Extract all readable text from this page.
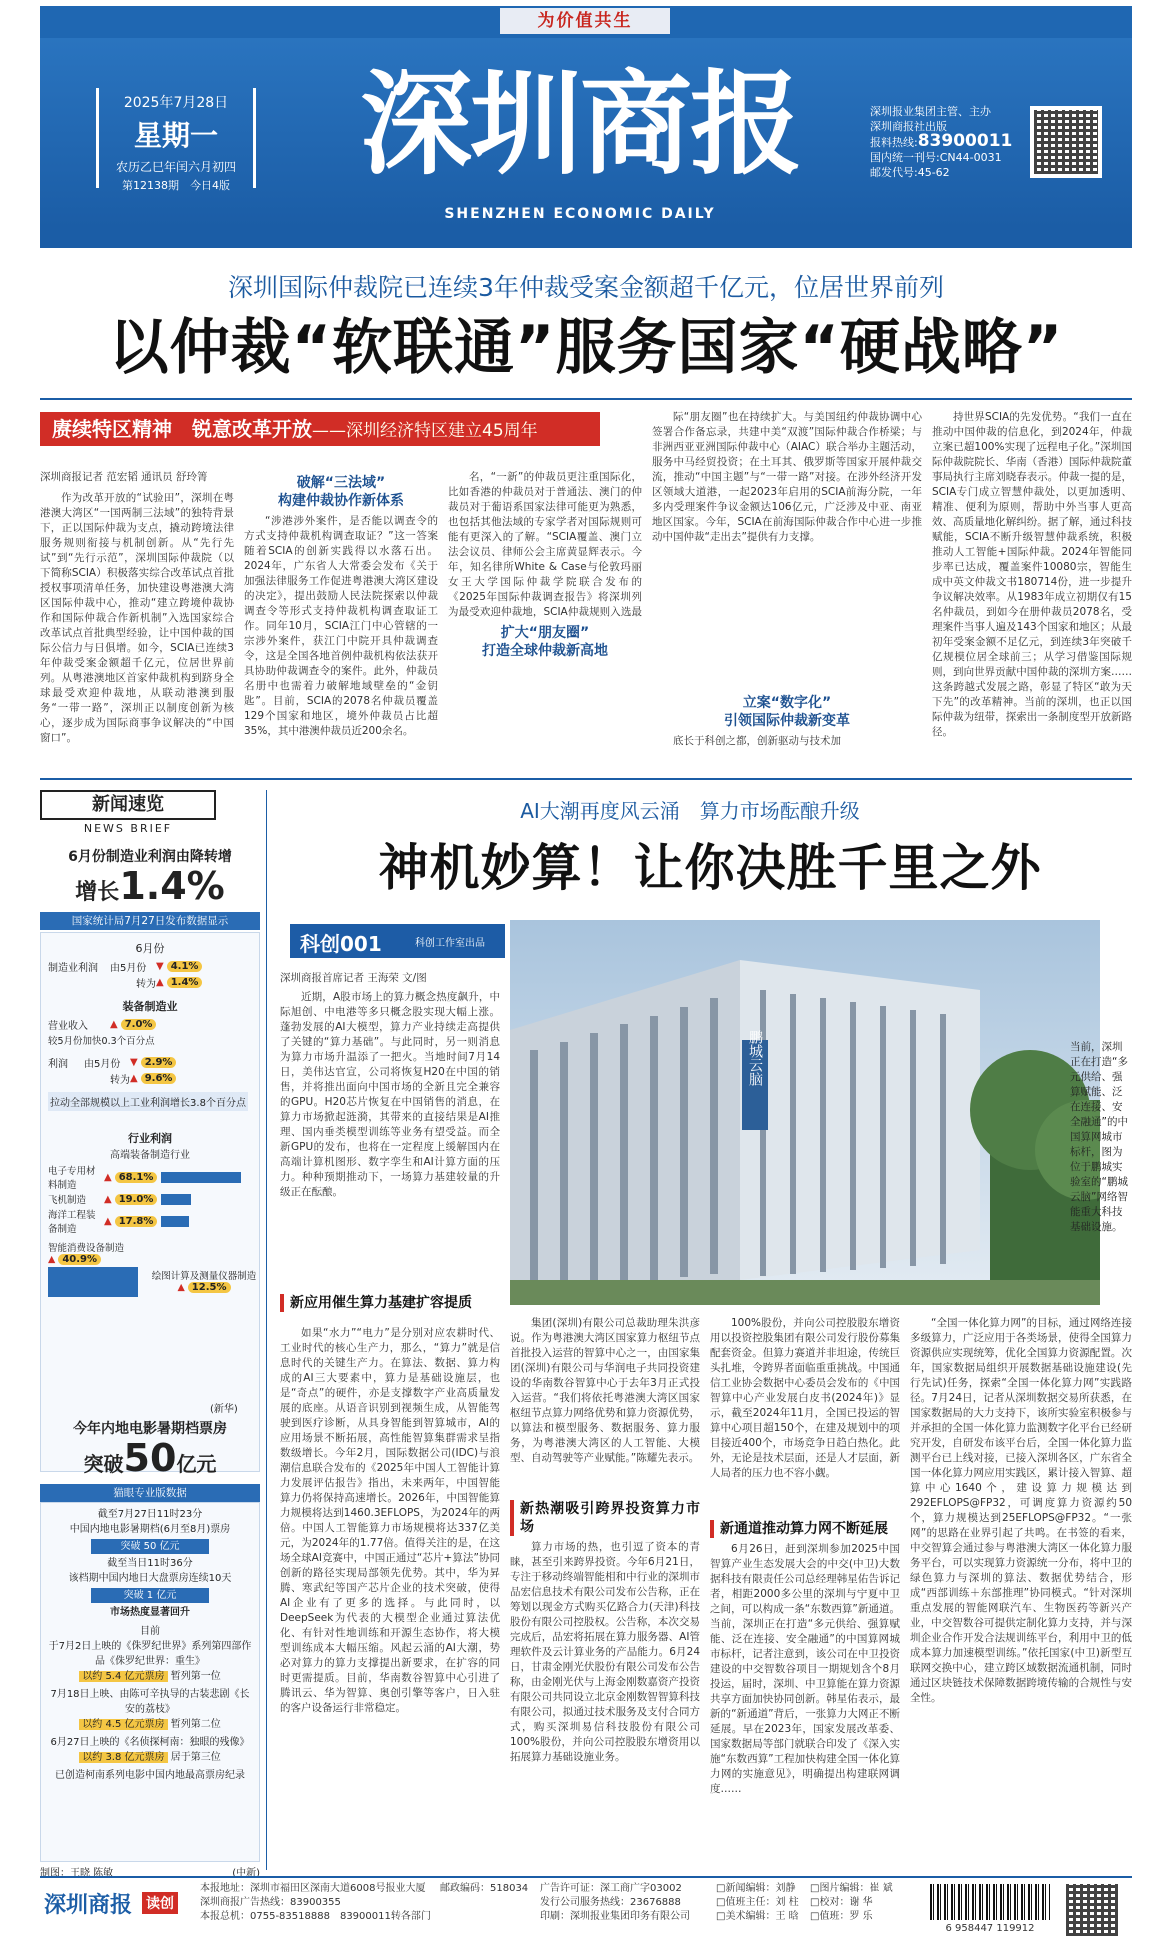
为价值共生
2025年7月28日
星期一
农历乙巳年闰六月初四
第12138期　今日4版 深圳商报
SHENZHEN ECONOMIC DAILY
深圳报业集团主管、主办
深圳商报社出版
报料热线:83900011
国内统一刊号:CN44-0031
邮发代号:45-62
深圳国际仲裁院已连续3年仲裁受案金额超千亿元，位居世界前列
以仲裁“软联通”服务国家“硬战略”
赓续特区精神　锐意改革开放——深圳经济特区建立45周年
深圳商报记者 范宏韬 通讯员 舒玲箐

作为改革开放的“试验田”，深圳在粤港澳大湾区“一国两制三法域”的独特背景下，正以国际仲裁为支点，撬动跨境法律服务规则衔接与机制创新。从“先行先试”到“先行示范”，深圳国际仲裁院（以下简称SCIA）积极落实综合改革试点首批授权事项清单任务，加快建设粤港澳大湾区国际仲裁中心，推动“建立跨境仲裁协作和国际仲裁合作新机制”入选国家综合改革试点首批典型经验，让中国仲裁的国际公信力与日俱增。如今，SCIA已连续3年仲裁受案金额超千亿元，位居世界前列。从粤港澳地区首家仲裁机构到跻身全球最受欢迎仲裁地，从联动港澳到服务“一带一路”，深圳正以制度创新为核心，逐步成为国际商事争议解决的“中国窗口”。

破解“三法域”
构建仲裁协作新体系

“涉港涉外案件，是否能以调查令的方式支持仲裁机构调查取证？”这一答案随着SCIA的创新实践得以水落石出。2024年，广东省人大常委会发布《关于加强法律服务工作促进粤港澳大湾区建设的决定》，提出鼓励人民法院探索以仲裁调查令等形式支持仲裁机构调查取证工作。同年10月，SCIA江门中心管辖的一宗涉外案件，获江门中院开具仲裁调查令，这是全国各地首例仲裁机构依法获开具协助仲裁调查令的案件。此外，仲裁员名册中也需着力破解地域壁垒的“金钥匙”。目前，SCIA的2078名仲裁员覆盖129个国家和地区，境外仲裁员占比超35%，其中港澳仲裁员近200余名。

名，“一新”的仲裁员更注重国际化，比如香港的仲裁员对于普通法、澳门的仲裁员对于葡语系国家法律可能更为熟悉，也包括其他法域的专家学者对国际规则可能有更深入的了解。“SCIA覆盖、澳门立法会议员、律师公会主席黄显辉表示。今年，知名律所White & Case与伦敦玛丽女王大学国际仲裁学院联合发布的《2025年国际仲裁调查报告》将深圳列为最受欢迎仲裁地，SCIA仲裁规则入选最

扩大“朋友圈”
打造全球仲裁新高地

际“朋友圈”也在持续扩大。与美国纽约仲裁协调中心签署合作备忘录，共建中美“双渡”国际仲裁合作桥梁；与非洲西亚亚洲国际仲裁中心（AIAC）联合举办主题活动，服务中马经贸投资；在土耳其、俄罗斯等国家开展仲裁交流，推动“中国主题”与“一带一路”对接。在涉外经济开发区领域大道港，一起2023年启用的SCIA前海分院，一年多内受理案件争议金额达106亿元，广泛涉及中亚、南亚地区国家。今年，SCIA在前海国际仲裁合作中心进一步推动中国仲裁“走出去”提供有力支撑。

立案“数字化”
引领国际仲裁新变革

底长于科创之都，创新驱动与技术加

持世界SCIA的先发优势。“我们一直在推动中国仲裁的信息化，到2024年，仲裁立案已超100%实现了远程电子化。”深圳国际仲裁院院长、华南（香港）国际仲裁院董事局执行主席刘晓春表示。仲裁一提的是，SCIA专门成立智慧仲裁处，以更加透明、精准、便利为原则，帮助中外当事人更高效、高质量地化解纠纷。据了解，通过科技赋能，SCIA不断升级智慧仲裁系统，积极推动人工智能+国际仲裁。2024年智能同步率已达成，覆盖案件10080宗，智能生成中英文仲裁文书180714份，进一步提升争议解决效率。从1983年成立初期仅有15名仲裁员，到如今在册仲裁员2078名，受理案件当事人遍及143个国家和地区；从最初年受案金额不足亿元，到连续3年突破千亿规模位居全球前三；从学习借鉴国际规则，到向世界贡献中国仲裁的深圳方案……这条跨越式发展之路，彰显了特区“敢为天下先”的改革精神。当前的深圳，也正以国际仲裁为纽带，探索出一条制度型开放新路径。

新闻速览
NEWS BRIEF
6月份制造业利润由降转增
增长1.4%
国家统计局7月27日发布数据显示
6月份
制造业利润	由5月份 ▼ 4.1%
转为 ▲ 1.4%
装备制造业
营业收入	▲ 7.0%
较5月份加快0.3个百分点
利润	由5月份 ▼ 2.9%
转为 ▲ 9.6%
拉动全部规模以上工业利润增长3.8个百分点
行业利润
高端装备制造行业
电子专用材料制造
▲ 68.1%
飞机制造	▲ 19.0%
海洋工程装备制造
▲ 17.8%
智能消费设备制造
▲ 40.9%
绘图计算及测量仪器制造
▲ 12.5%
(新华)
今年内地电影暑期档票房
突破50亿元
猫眼专业版数据
截至7月27日11时23分
中国内地电影暑期档(6月至8月)票房
突破 50 亿元
截至当日11时36分
该档期中国内地日大盘票房连续10天
突破 1 亿元
市场热度显著回升
目前
于7月2日上映的《侏罗纪世界》系列第四部作品《侏罗纪世界：重生》
以约 5.4 亿元票房 暂列第一位
7月18日上映、由陈可辛执导的古装悲剧《长安的荔枝》
以约 4.5 亿元票房 暂列第二位
6月27日上映的《名侦探柯南：独眼的残像》
以约 3.8 亿元票房 居于第三位
已创造柯南系列电影中国内地最高票房纪录
制图：王晓 陈敏	(中新)
AI大潮再度风云涌　算力市场酝酿升级
神机妙算！让你决胜千里之外
科创001	科创工作室出品
深圳商报首席记者 王海荣 文/图
鹏城云脑	当前，深圳正在打造“多元供给、强算赋能、泛在连接、安全融通”的中国算网城市标杆，图为位于鹏城实验室的“鹏城云脑”网络智能重大科技基础设施。

近期，A股市场上的算力概念热度飙升，中际旭创、中电港等多只概念股实现大幅上涨。蓬勃发展的AI大模型，算力产业持续走高提供了关键的“算力基础”。与此同时，另一则消息为算力市场升温添了一把火。当地时间7月14日，美伟达官宣，公司将恢复H20在中国的销售，并将推出面向中国市场的全新且完全兼容的GPU。H20芯片恢复在中国销售的消息，在算力市场掀起涟漪，其带来的直接结果是AI推理、国内垂类模型训练等业务有望受益。而全新GPU的发布，也将在一定程度上缓解国内在高端计算机图形、数字孪生和AI计算方面的压力。种种预期推动下，一场算力基建较量的升级正在酝酿。

新应用催生算力基建扩容提质

如果“水力”“电力”是分别对应农耕时代、工业时代的核心生产力，那么，“算力”就是信息时代的关键生产力。在算法、数据、算力构成的AI三大要素中，算力是基础设施层，也是“奇点”的硬件，亦是支撑数字产业高质量发展的底座。从语音识别到视频生成，从智能驾驶到医疗诊断，从具身智能到智算城市，AI的应用场景不断拓展，高性能智算集群需求呈指数级增长。今年2月，国际数据公司(IDC)与浪潮信息联合发布的《2025年中国人工智能计算力发展评估报告》指出，未来两年，中国智能算力仍将保持高速增长。2026年，中国智能算力规模将达到1460.3EFLOPS，为2024年的两倍。中国人工智能算力市场规模将达337亿美元，为2024年的1.77倍。值得关注的是，在这场全球AI竞赛中，中国正通过“芯片+算法”协同创新的路径实现局部领先优势。其中，华为昇腾、寒武纪等国产芯片企业的技术突破，使得AI企业有了更多的选择。与此同时，以DeepSeek为代表的大模型企业通过算法优化、有针对性地训练和开源生态协作，将大模型训练成本大幅压缩。风起云涌的AI大潮，势必对算力的算力支撑提出新要求，在扩容的同时更需提质。目前，华南数谷智算中心引进了腾讯云、华为智算、奥创引擎等客户，日入驻的客户设备运行非常稳定。

集团(深圳)有限公司总裁助理朱洪彦说。作为粤港澳大湾区国家算力枢纽节点首批投入运营的智算中心之一，由国家集团(深圳)有限公司与华润电子共同投资建设的华南数谷智算中心于去年3月正式投入运营。“我们将依托粤港澳大湾区国家枢纽节点算力网络优势和算力资源优势，以算法和模型服务、数据服务、算力服务，为粤港澳大湾区的人工智能、大模型、自动驾驶等产业赋能。”陈耀先表示。

新热潮吸引跨界投资算力市场

算力市场的热，也引逗了资本的青睐，甚至引来跨界投资。今年6月21日，专注于移动终端智能相和中行业的深圳市品宏信息技术有限公司发布公告称，正在筹划以现金方式购买亿路合力(天津)科技股份有限公司控股权。公告称，本次交易完成后，品宏将拓展在算力服务器、AI管理软件及云计算业务的产品能力。6月24日，甘肃金刚光伏股份有限公司发布公告称，由金刚光伏与上海金刚数嘉资产投资有限公司共同设立北京金刚数智智算科技有限公司，拟通过技术服务及支付合同方式，购买深圳易信科技股份有限公司100%股份，并向公司控股股东增资用以拓展算力基础设施业务。

100%股份，并向公司控股股东增资用以投资控股集团有限公司发行股份募集配套资金。但算力赛道并非坦途，传统巨头扎堆，令跨界者面临重重挑战。中国通信工业协会数据中心委员会发布的《中国智算中心产业发展白皮书(2024年)》显示，截至2024年11月，全国已投运的智算中心项目超150个，在建及规划中的项目接近400个，市场竞争日趋白热化。此外，无论是技术层面，还是人才层面，新人局者的压力也不容小觑。

新通道推动算力网不断延展

6月26日，赶到深圳参加2025中国智算产业生态发展大会的中交(中卫)大数据科技有限责任公司总经理韩星佑告诉记者，相距2000多公里的深圳与宁夏中卫之间，可以构成一条“东数西算”新通道。当前，深圳正在打造“多元供给、强算赋能、泛在连接、安全融通”的中国算网城市标杆，记者注意到，该公司在中卫投资建设的中交智数谷项目一期规划含个8月投运，届时，深圳、中卫算能在算力资源共享方面加快协同创新。韩星佑表示，最新的“新通道”背后，一张算力大网正不断延展。早在2023年，国家发展改革委、国家数据局等部门就联合印发了《深入实施“东数西算”工程加快构建全国一体化算力网的实施意见》，明确提出构建联网调度……

“全国一体化算力网”的目标，通过网络连接多级算力，广泛应用于各类场景，使得全国算力资源供应实现统筹，优化全国算力资源配置。次年，国家数据局组织开展数据基础设施建设(先行先试)任务，探索“全国一体化算力网”实践路径。7月24日，记者从深圳数据交易所获悉，在国家数据局的大力支持下，该所实验室积极参与并承担的全国一体化算力监测数字化平台已经研究开发，自研发布该平台后，全国一体化算力监测平台已上线对接，已接入深圳各区，广东省全国一体化算力网应用实践区，累计接入智算、超算中心1640个，建设算力规模达到292EFLOPS@FP32，可调度算力资源约50个，算力规模达到25EFLOPS@FP32。“一张网”的思路在业界引起了共鸣。在书签的看来，中交智算会通过参与粤港澳大湾区一体化算力服务平台，可以实现算力资源统一分布，将中卫的绿色算力与深圳的算法、数据优势结合，形成“西部训练＋东部推理”协同模式。“针对深圳重点发展的智能网联汽车、生物医药等新兴产业，中交智数谷可提供定制化算力支持，并与深圳企业合作开发合法规训练平台，利用中卫的低成本算力加速模型训练。”依托国家(中卫)新型互联网交换中心，建立跨区域数据流通机制，同时通过区块链技术保障数据跨境传输的合规性与安全性。

深圳商报 读创
本报地址：深圳市福田区深南大道6008号报业大厦
深圳商报广告热线：83900355
本报总机：0755-83518888　83900011转各部门
邮政编码：518034	广告许可证：深工商广字03002
发行公司服务热线：23676888
印刷：深圳报业集团印务有限公司
□新闻编辑：刘静
□值班主任：刘 柱
□美术编辑：王 晗
□图片编辑：崔 斌
□校对：谢 华
□值班：罗 乐
6 958447 119912
